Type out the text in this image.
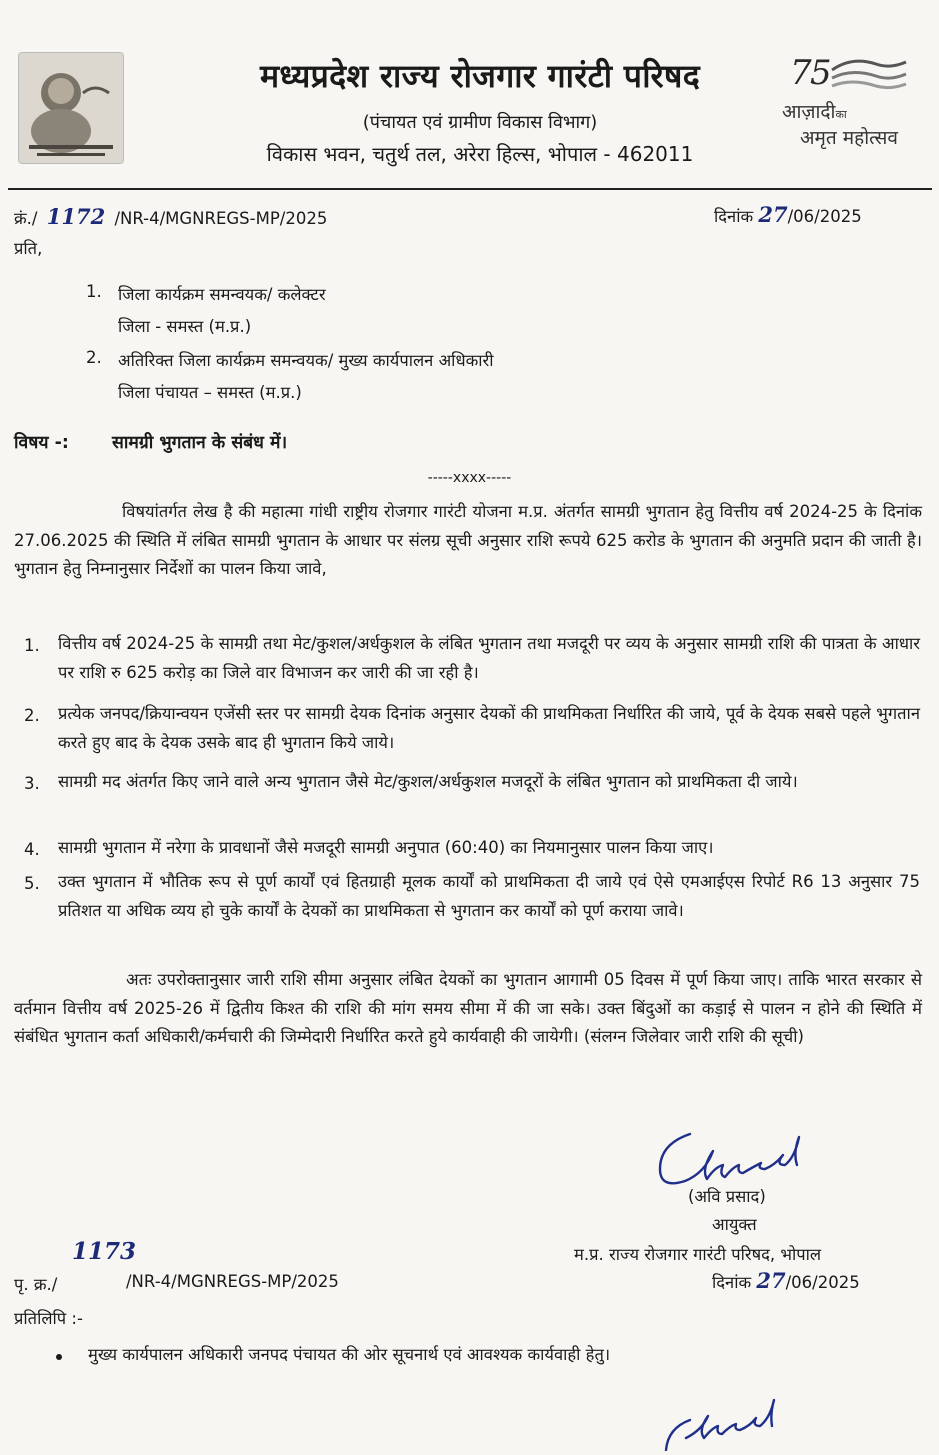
7
5
आज़ादीका
अमृत महोत्सव
मध्यप्रदेश राज्य रोजगार गारंटी परिषद
(पंचायत एवं ग्रामीण विकास विभाग)
विकास भवन, चतुर्थ तल, अरेरा हिल्स, भोपाल - 462011
क्रं./ 1172 /NR-4/MGNREGS-MP/2025	दिनांक 27/06/2025
प्रति,
1. जिला कार्यक्रम समन्वयक/ कलेक्टर
जिला - समस्त (म.प्र.)
2. अतिरिक्त जिला कार्यक्रम समन्वयक/ मुख्य कार्यपालन अधिकारी
जिला पंचायत – समस्त (म.प्र.)
विषय -: सामग्री भुगतान के संबंध में।
-----xxxx-----
विषयांतर्गत लेख है की महात्मा गांधी राष्ट्रीय रोजगार गारंटी योजना म.प्र. अंतर्गत सामग्री भुगतान हेतु वित्तीय वर्ष 2024-25 के दिनांक 27.06.2025 की स्थिति में लंबित सामग्री भुगतान के आधार पर संलग्र सूची अनुसार राशि रूपये 625 करोड के भुगतान की अनुमति प्रदान की जाती है। भुगतान हेतु निम्नानुसार निर्देशों का पालन किया जावे,
1. वित्तीय वर्ष 2024-25 के सामग्री तथा मेट/कुशल/अर्धकुशल के लंबित भुगतान तथा मजदूरी पर व्यय के अनुसार सामग्री राशि की पात्रता के आधार पर राशि रु 625 करोड़ का जिले वार विभाजन कर जारी की जा रही है।
2. प्रत्येक जनपद/क्रियान्वयन एजेंसी स्तर पर सामग्री देयक दिनांक अनुसार देयकों की प्राथमिकता निर्धारित की जाये, पूर्व के देयक सबसे पहले भुगतान करते हुए बाद के देयक उसके बाद ही भुगतान किये जाये।
3. सामग्री मद अंतर्गत किए जाने वाले अन्य भुगतान जैसे मेट/कुशल/अर्धकुशल मजदूरों के लंबित भुगतान को प्राथमिकता दी जाये।
4. सामग्री भुगतान में नरेगा के प्रावधानों जैसे मजदूरी सामग्री अनुपात (60:40) का नियमानुसार पालन किया जाए।
5. उक्त भुगतान में भौतिक रूप से पूर्ण कार्यों एवं हितग्राही मूलक कार्यों को प्राथमिकता दी जाये एवं ऐसे एमआईएस रिपोर्ट R6 13 अनुसार 75 प्रतिशत या अधिक व्यय हो चुके कार्यों के देयकों का प्राथमिकता से भुगतान कर कार्यों को पूर्ण कराया जावे।
अतः उपरोक्तानुसार जारी राशि सीमा अनुसार लंबित देयकों का भुगतान आगामी 05 दिवस में पूर्ण किया जाए। ताकि भारत सरकार से वर्तमान वित्तीय वर्ष 2025-26 में द्वितीय किश्त की राशि की मांग समय सीमा में की जा सके। उक्त बिंदुओं का कड़ाई से पालन न होने की स्थिति में संबंधित भुगतान कर्ता अधिकारी/कर्मचारी की जिम्मेदारी निर्धारित करते हुये कार्यवाही की जायेगी। (संलग्न जिलेवार जारी राशि की सूची)
(अवि प्रसाद)
आयुक्त
म.प्र. राज्य रोजगार गारंटी परिषद, भोपाल
दिनांक 27/06/2025
1173
पृ. क्र./	/NR-4/MGNREGS-MP/2025
प्रतिलिपि :-
मुख्य कार्यपालन अधिकारी जनपद पंचायत की ओर सूचनार्थ एवं आवश्यक कार्यवाही हेतु।
